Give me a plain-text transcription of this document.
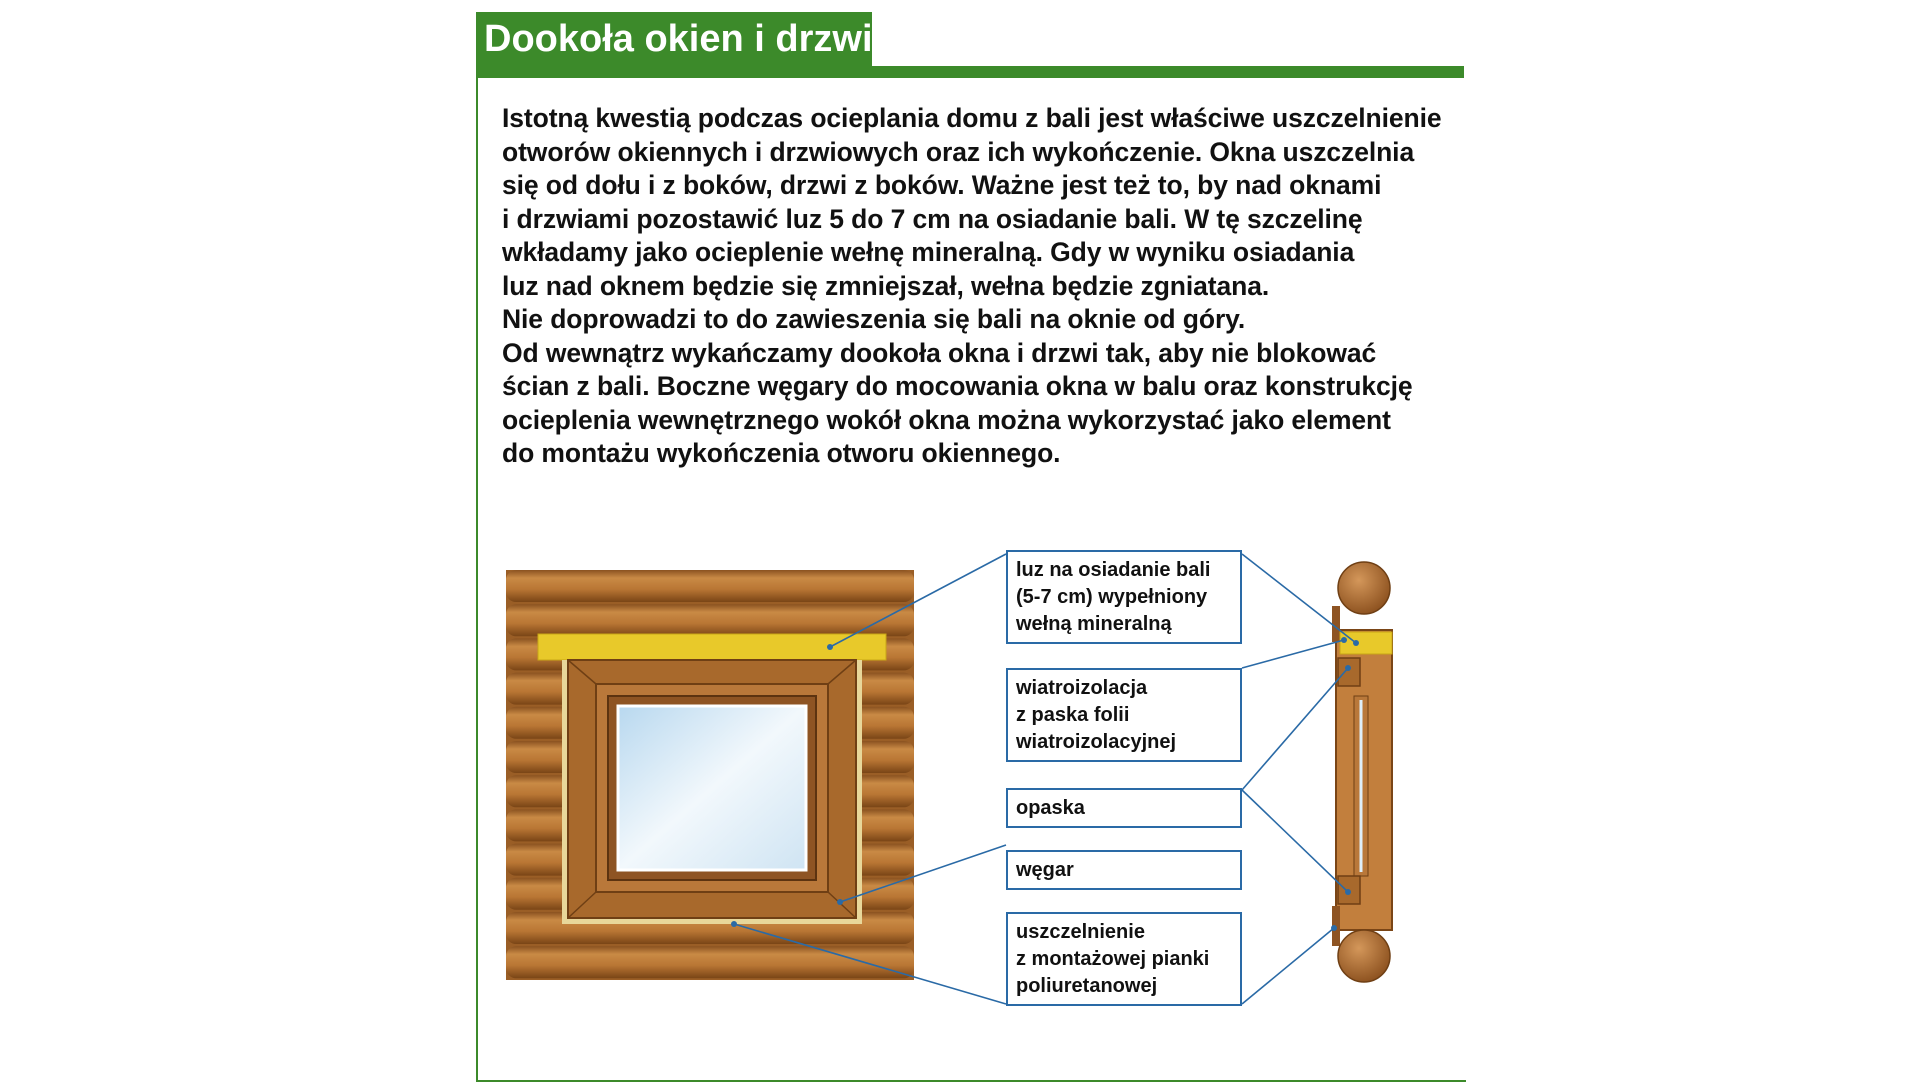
Dookoła okien i drzwi

Istotną kwestią podczas ocieplania domu z bali jest właściwe uszczelnienie

otworów okiennych i drzwiowych oraz ich wykończenie. Okna uszczelnia

się od dołu i z boków, drzwi z boków. Ważne jest też to, by nad oknami

i drzwiami pozostawić luz 5 do 7 cm na osiadanie bali. W tę szczelinę

wkładamy jako ocieplenie wełnę mineralną. Gdy w wyniku osiadania

luz nad oknem będzie się zmniejszał, wełna będzie zgniatana.

Nie doprowadzi to do zawieszenia się bali na oknie od góry.

Od wewnątrz wykańczamy dookoła okna i drzwi tak, aby nie blokować

ścian z bali. Boczne węgary do mocowania okna w balu oraz konstrukcję

ocieplenia wewnętrznego wokół okna można wykorzystać jako element

do montażu wykończenia otworu okiennego.

luz na osiadanie bali
(5-7 cm) wypełniony
wełną mineralną
wiatroizolacja
z paska folii
wiatroizolacyjnej
opaska
węgar
uszczelnienie
z montażowej pianki
poliuretanowej
